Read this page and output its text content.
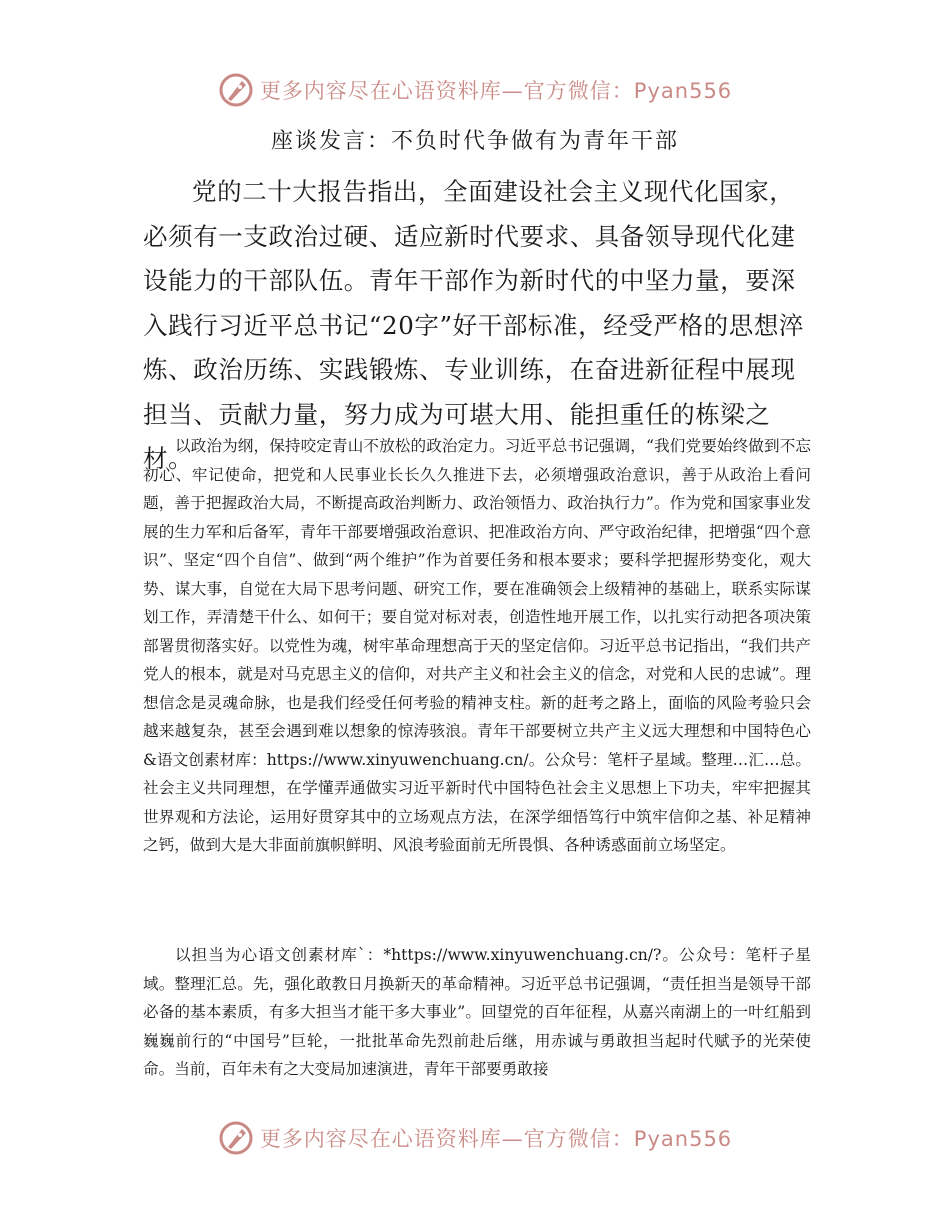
更多内容尽在心语资料库—官方微信：Pyan556
座谈发言：不负时代争做有为青年干部

党的二十大报告指出，全面建设社会主义现代化国家，必须有一支政治过硬、适应新时代要求、具备领导现代化建设能力的干部队伍。青年干部作为新时代的中坚力量，要深入践行习近平总书记“20字”好干部标准，经受严格的思想淬炼、政治历练、实践锻炼、专业训练，在奋进新征程中展现担当、贡献力量，努力成为可堪大用、能担重任的栋梁之材。

以政治为纲，保持咬定青山不放松的政治定力。习近平总书记强调，“我们党要始终做到不忘初心、牢记使命，把党和人民事业长长久久推进下去，必须增强政治意识，善于从政治上看问题，善于把握政治大局，不断提高政治判断力、政治领悟力、政治执行力”。作为党和国家事业发展的生力军和后备军，青年干部要增强政治意识、把准政治方向、严守政治纪律，把增强“四个意识”、坚定“四个自信”、做到“两个维护”作为首要任务和根本要求；要科学把握形势变化，观大势、谋大事，自觉在大局下思考问题、研究工作，要在准确领会上级精神的基础上，联系实际谋划工作，弄清楚干什么、如何干；要自觉对标对表，创造性地开展工作，以扎实行动把各项决策部署贯彻落实好。以党性为魂，树牢革命理想高于天的坚定信仰。习近平总书记指出，“我们共产党人的根本，就是对马克思主义的信仰，对共产主义和社会主义的信念，对党和人民的忠诚”。理想信念是灵魂命脉，也是我们经受任何考验的精神支柱。新的赶考之路上，面临的风险考验只会越来越复杂，甚至会遇到难以想象的惊涛骇浪。青年干部要树立共产主义远大理想和中国特色心&语文创素材库：https://www.xinyuwenchuang.cn/。公众号：笔杆子星域。整理…汇…总。社会主义共同理想，在学懂弄通做实习近平新时代中国特色社会主义思想上下功夫，牢牢把握其世界观和方法论，运用好贯穿其中的立场观点方法，在深学细悟笃行中筑牢信仰之基、补足精神之钙，做到大是大非面前旗帜鲜明、风浪考验面前无所畏惧、各种诱惑面前立场坚定。

以担当为心语文创素材库`：*https://www.xinyuwenchuang.cn/?。公众号：笔杆子星域。整理汇总。先，强化敢教日月换新天的革命精神。习近平总书记强调，“责任担当是领导干部必备的基本素质，有多大担当才能干多大事业”。回望党的百年征程，从嘉兴南湖上的一叶红船到巍巍前行的“中国号”巨轮，一批批革命先烈前赴后继，用赤诚与勇敢担当起时代赋予的光荣使命。当前，百年未有之大变局加速演进，青年干部要勇敢接

更多内容尽在心语资料库—官方微信：Pyan556
